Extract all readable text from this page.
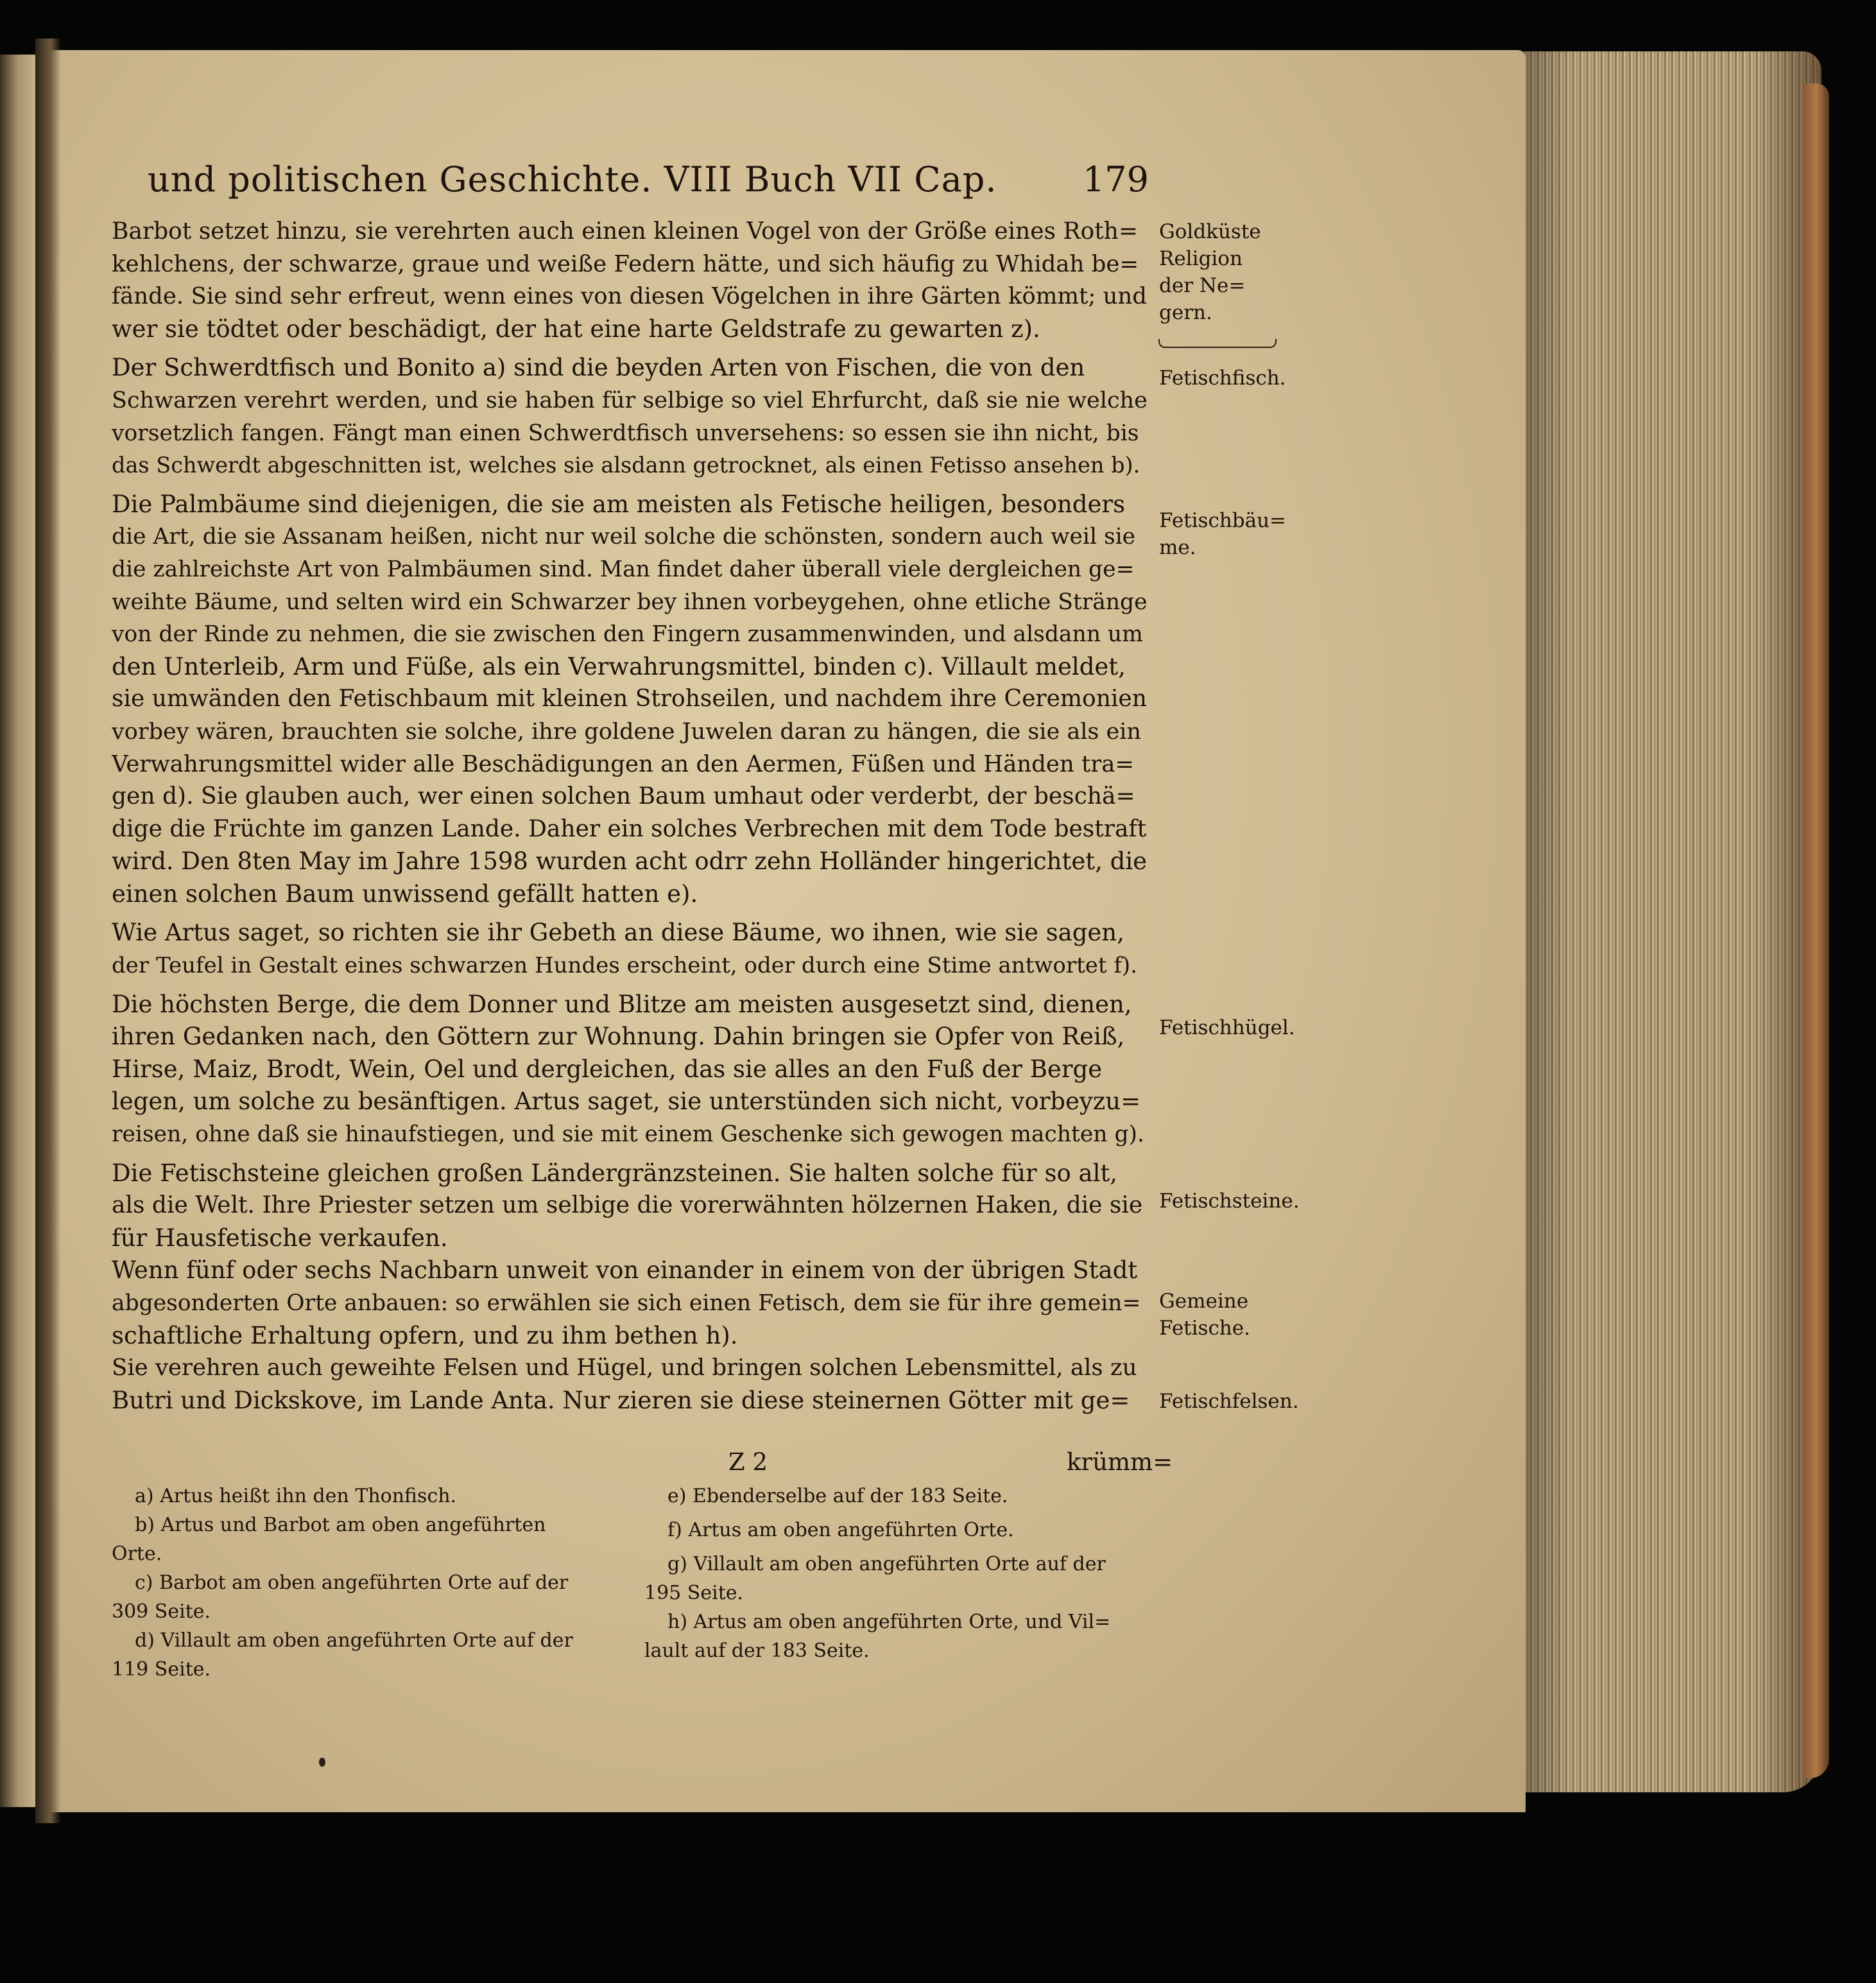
und politischen Geschichte. VIII Buch VII Cap. 179
Barbot setzet hinzu, sie verehrten auch einen kleinen Vogel von der Größe eines Roth=
kehlchens, der schwarze, graue und weiße Federn hätte, und sich häufig zu Whidah be=
fände. Sie sind sehr erfreut, wenn eines von diesen Vögelchen in ihre Gärten kömmt; und
wer sie tödtet oder beschädigt, der hat eine harte Geldstrafe zu gewarten z).
Der Schwerdtfisch und Bonito a) sind die beyden Arten von Fischen, die von den
Schwarzen verehrt werden, und sie haben für selbige so viel Ehrfurcht, daß sie nie welche
vorsetzlich fangen. Fängt man einen Schwerdtfisch unversehens: so essen sie ihn nicht, bis
das Schwerdt abgeschnitten ist, welches sie alsdann getrocknet, als einen Fetisso ansehen b).
Die Palmbäume sind diejenigen, die sie am meisten als Fetische heiligen, besonders
die Art, die sie Assanam heißen, nicht nur weil solche die schönsten, sondern auch weil sie
die zahlreichste Art von Palmbäumen sind. Man findet daher überall viele dergleichen ge=
weihte Bäume, und selten wird ein Schwarzer bey ihnen vorbeygehen, ohne etliche Stränge
von der Rinde zu nehmen, die sie zwischen den Fingern zusammenwinden, und alsdann um
den Unterleib, Arm und Füße, als ein Verwahrungsmittel, binden c). Villault meldet,
sie umwänden den Fetischbaum mit kleinen Strohseilen, und nachdem ihre Ceremonien
vorbey wären, brauchten sie solche, ihre goldene Juwelen daran zu hängen, die sie als ein
Verwahrungsmittel wider alle Beschädigungen an den Aermen, Füßen und Händen tra=
gen d). Sie glauben auch, wer einen solchen Baum umhaut oder verderbt, der beschä=
dige die Früchte im ganzen Lande. Daher ein solches Verbrechen mit dem Tode bestraft
wird. Den 8ten May im Jahre 1598 wurden acht odrr zehn Holländer hingerichtet, die
einen solchen Baum unwissend gefällt hatten e).
Wie Artus saget, so richten sie ihr Gebeth an diese Bäume, wo ihnen, wie sie sagen,
der Teufel in Gestalt eines schwarzen Hundes erscheint, oder durch eine Stime antwortet f).
Die höchsten Berge, die dem Donner und Blitze am meisten ausgesetzt sind, dienen,
ihren Gedanken nach, den Göttern zur Wohnung. Dahin bringen sie Opfer von Reiß,
Hirse, Maiz, Brodt, Wein, Oel und dergleichen, das sie alles an den Fuß der Berge
legen, um solche zu besänftigen. Artus saget, sie unterstünden sich nicht, vorbeyzu=
reisen, ohne daß sie hinaufstiegen, und sie mit einem Geschenke sich gewogen machten g).
Die Fetischsteine gleichen großen Ländergränzsteinen. Sie halten solche für so alt,
als die Welt. Ihre Priester setzen um selbige die vorerwähnten hölzernen Haken, die sie
für Hausfetische verkaufen.
Wenn fünf oder sechs Nachbarn unweit von einander in einem von der übrigen Stadt
abgesonderten Orte anbauen: so erwählen sie sich einen Fetisch, dem sie für ihre gemein=
schaftliche Erhaltung opfern, und zu ihm bethen h).
Sie verehren auch geweihte Felsen und Hügel, und bringen solchen Lebensmittel, als zu
Butri und Dickskove, im Lande Anta. Nur zieren sie diese steinernen Götter mit ge=
Goldküste
Religion
der Ne=
gern.
Fetischfisch.
Fetischbäu=
me.
Fetischhügel.
Fetischsteine.
Gemeine
Fetische.
Fetischfelsen.
Z 2	krümm=
a) Artus heißt ihn den Thonfisch.
b) Artus und Barbot am oben angeführten
Orte.
c) Barbot am oben angeführten Orte auf der
309 Seite.
d) Villault am oben angeführten Orte auf der
119 Seite.
e) Ebenderselbe auf der 183 Seite.
f) Artus am oben angeführten Orte.
g) Villault am oben angeführten Orte auf der
195 Seite.
h) Artus am oben angeführten Orte, und Vil=
lault auf der 183 Seite.
